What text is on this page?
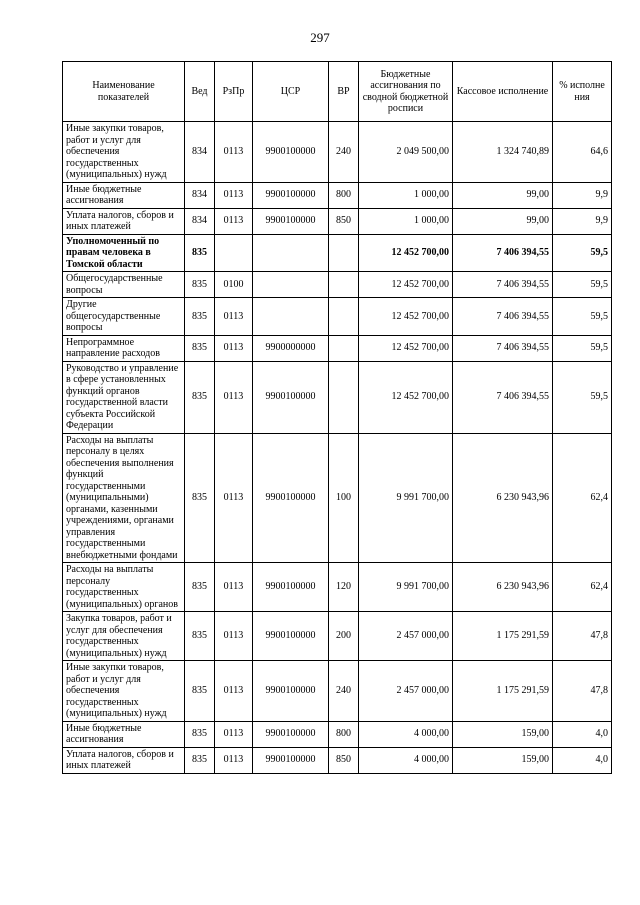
297
Наименование показателей	Вед	РзПр	ЦСР	ВР	Бюджетные ассигнования по сводной бюджетной росписи	Кассовое исполнение	% исполне ния
Иные закупки товаров, работ и услуг для обеспечения государственных (муниципальных) нужд	834	0113	9900100000	240	2 049 500,00	1 324 740,89	64,6
Иные бюджетные ассигнования	834	0113	9900100000	800	1 000,00	99,00	9,9
Уплата налогов, сборов и иных платежей	834	0113	9900100000	850	1 000,00	99,00	9,9
Уполномоченный по правам человека в Томской области	835				12 452 700,00	7 406 394,55	59,5
Общегосударственные вопросы	835	0100			12 452 700,00	7 406 394,55	59,5
Другие общегосударственные вопросы	835	0113			12 452 700,00	7 406 394,55	59,5
Непрограммное направление расходов	835	0113	9900000000		12 452 700,00	7 406 394,55	59,5
Руководство и управление в сфере установленных функций органов государственной власти субъекта Российской Федерации	835	0113	9900100000		12 452 700,00	7 406 394,55	59,5
Расходы на выплаты персоналу в целях обеспечения выполнения функций государственными (муниципальными) органами, казенными учреждениями, органами управления государственными внебюджетными фондами	835	0113	9900100000	100	9 991 700,00	6 230 943,96	62,4
Расходы на выплаты персоналу государственных (муниципальных) органов	835	0113	9900100000	120	9 991 700,00	6 230 943,96	62,4
Закупка товаров, работ и услуг для обеспечения государственных (муниципальных) нужд	835	0113	9900100000	200	2 457 000,00	1 175 291,59	47,8
Иные закупки товаров, работ и услуг для обеспечения государственных (муниципальных) нужд	835	0113	9900100000	240	2 457 000,00	1 175 291,59	47,8
Иные бюджетные ассигнования	835	0113	9900100000	800	4 000,00	159,00	4,0
Уплата налогов, сборов и иных платежей	835	0113	9900100000	850	4 000,00	159,00	4,0
